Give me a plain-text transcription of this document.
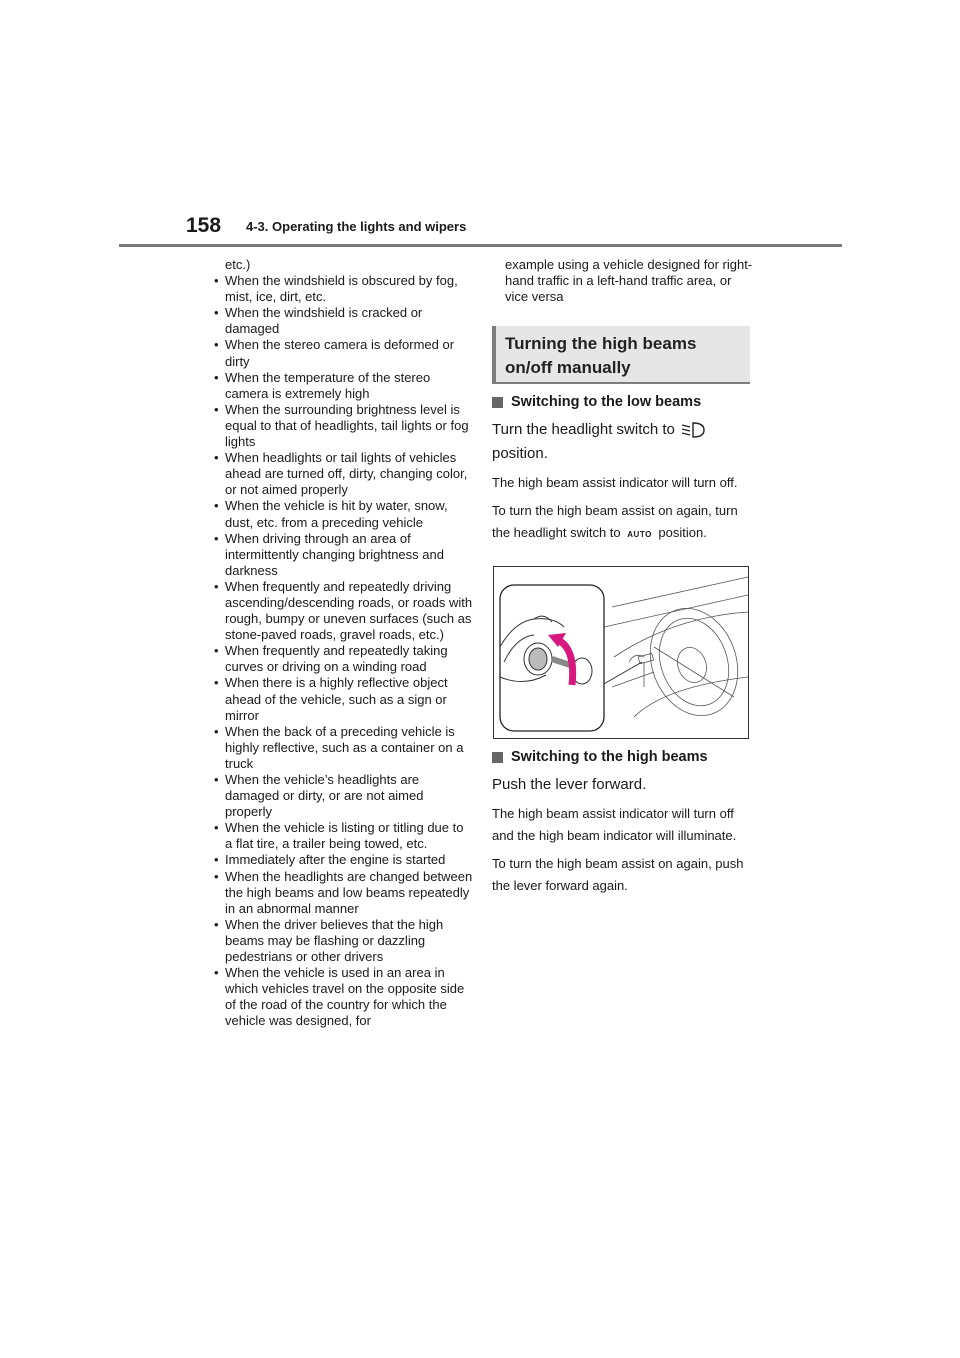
158 4-3. Operating the lights and wipers
etc.)
• When the windshield is obscured by fog, mist, ice, dirt, etc.
• When the windshield is cracked or damaged
• When the stereo camera is deformed or dirty
• When the temperature of the stereo camera is extremely high
• When the surrounding brightness level is equal to that of headlights, tail lights or fog lights
• When headlights or tail lights of vehicles ahead are turned off, dirty, changing color, or not aimed properly
• When the vehicle is hit by water, snow, dust, etc. from a preceding vehicle
• When driving through an area of intermittently changing brightness and darkness
• When frequently and repeatedly driving ascending/descending roads, or roads with rough, bumpy or uneven surfaces (such as stone-paved roads, gravel roads, etc.)
• When frequently and repeatedly taking curves or driving on a winding road
• When there is a highly reflective object ahead of the vehicle, such as a sign or mirror
• When the back of a preceding vehicle is highly reflective, such as a container on a truck
• When the vehicle’s headlights are damaged or dirty, or are not aimed properly
• When the vehicle is listing or titling due to a flat tire, a trailer being towed, etc.
• Immediately after the engine is started
• When the headlights are changed between the high beams and low beams repeatedly in an abnormal manner
• When the driver believes that the high beams may be flashing or dazzling pedestrians or other drivers
• When the vehicle is used in an area in which vehicles travel on the opposite side of the road of the country for which the vehicle was designed, for

example using a vehicle designed for right-hand traffic in a left-hand traffic area, or vice versa

Turning the high beams
on/off manually

Switching to the low beams

Turn the headlight switch to

position.

The high beam assist indicator will turn off.

To turn the high beam assist on again, turn the headlight switch to AUTO position.

Switching to the high beams

Push the lever forward.

The high beam assist indicator will turn off and the high beam indicator will illuminate.

To turn the high beam assist on again, push the lever forward again.
